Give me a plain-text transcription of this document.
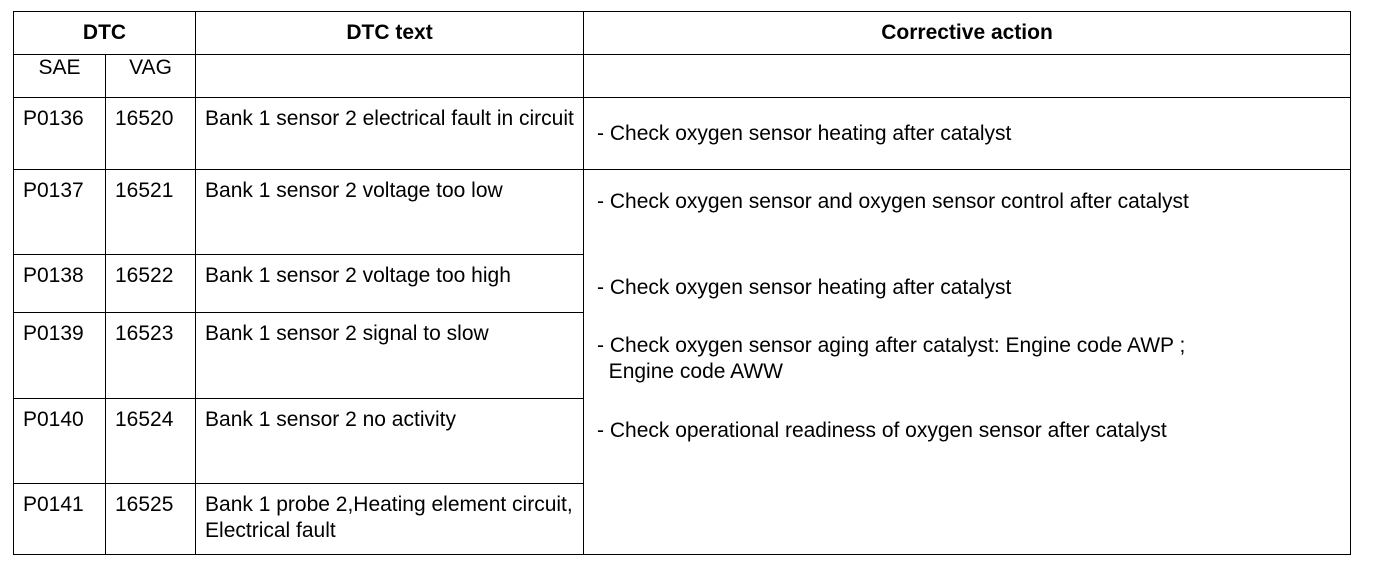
DTC		DTC text	Corrective action
SAE	VAG		

P0136	16520	Bank 1 sensor 2 electrical fault in circuit	- Check oxygen sensor heating after catalyst

P0137	16521	Bank 1 sensor 2 voltage too low	- Check oxygen sensor and oxygen sensor control after catalyst
- Check oxygen sensor heating after catalyst
- Check oxygen sensor aging after catalyst: Engine code AWP ;
Engine code AWW
- Check operational readiness of oxygen sensor after catalyst

P0138	16522	Bank 1 sensor 2 voltage too high	

P0139	16523	Bank 1 sensor 2 signal to slow	

P0140	16524	Bank 1 sensor 2 no activity	

P0141	16525	Bank 1 probe 2,Heating element circuit, Electrical fault	
